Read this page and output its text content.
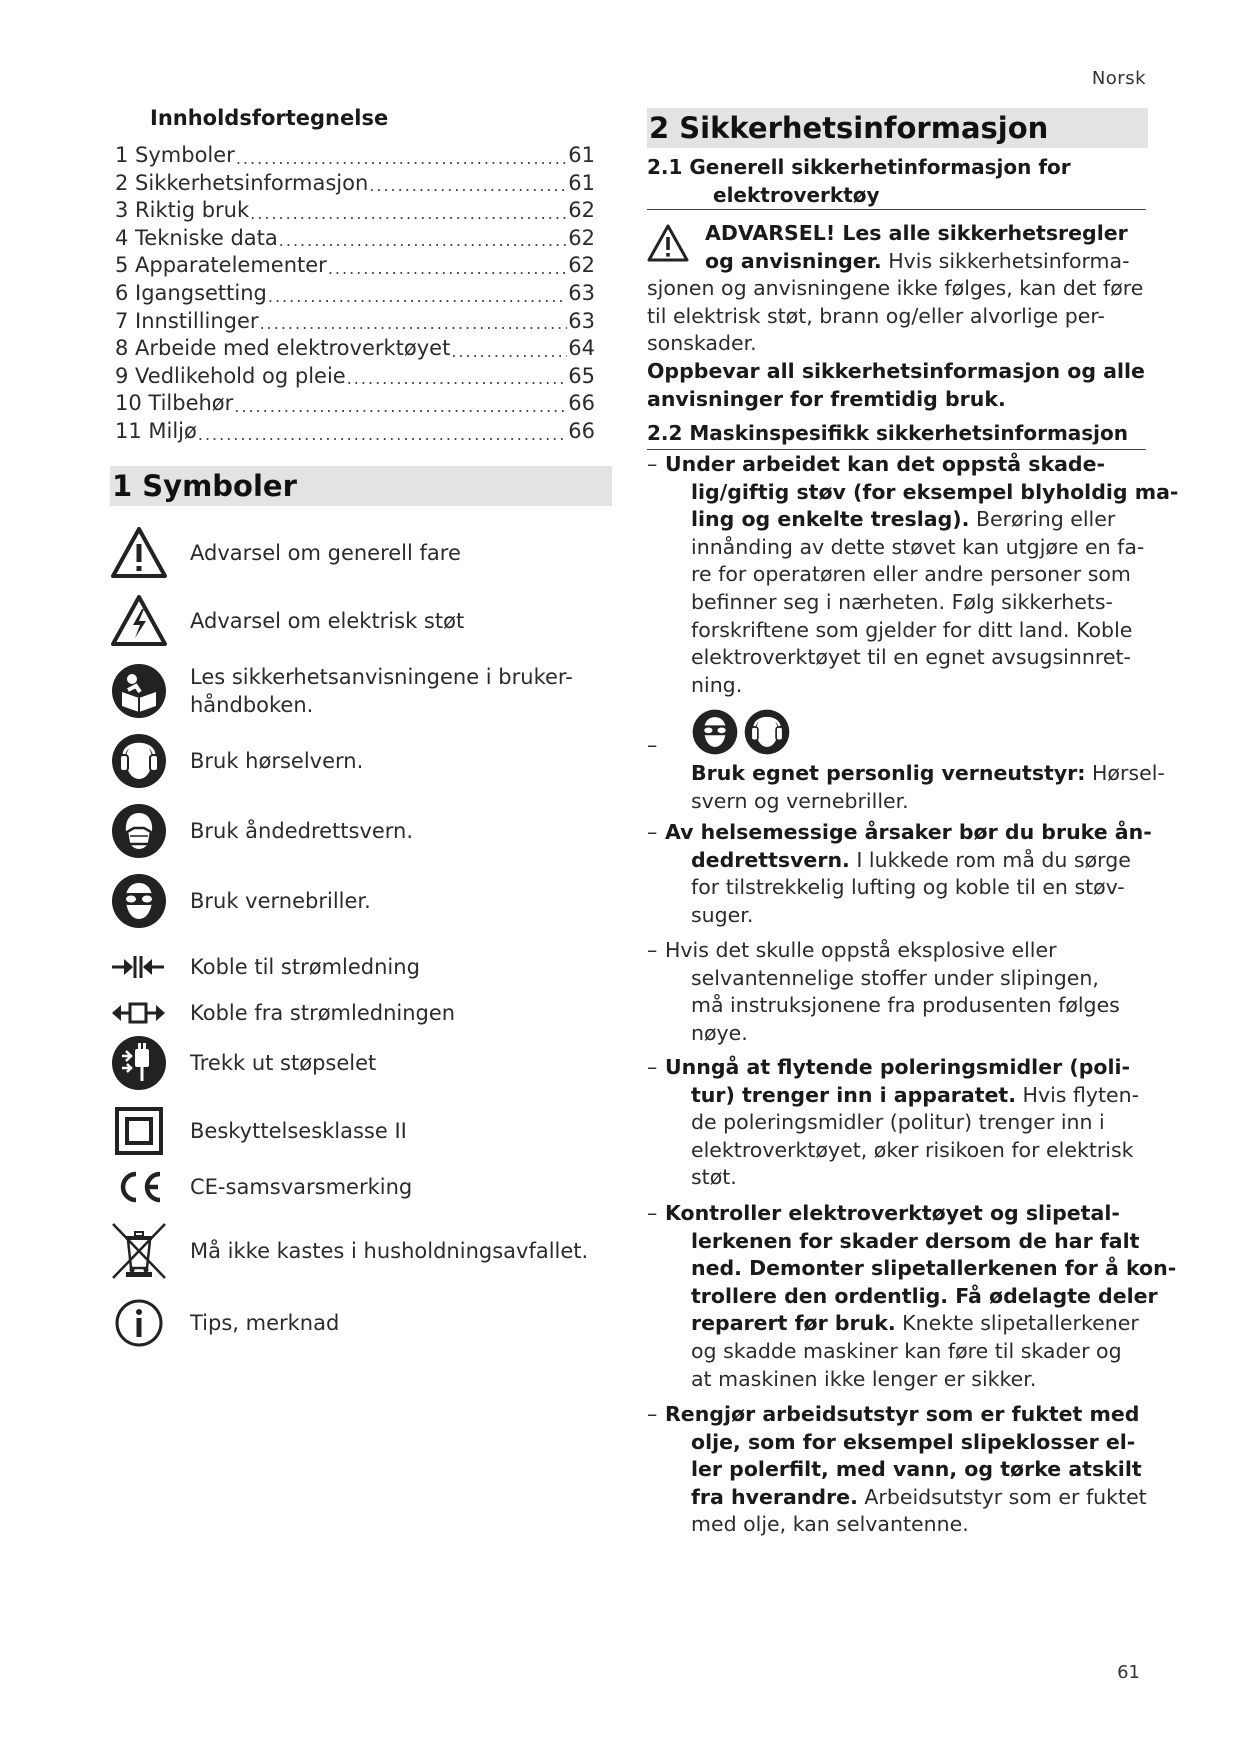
Norsk
Innholdsfortegnelse
1 Symboler .....	61
2 Sikkerhetsinformasjon .....	61
3 Riktig bruk .....	62
4 Tekniske data .....	62
5 Apparatelementer .....	62
6 Igangsetting .....	63
7 Innstillinger .....	63
8 Arbeide med elektroverktøyet .....	64
9 Vedlikehold og pleie .....	65
10 Tilbehør .....	66
11 Miljø .....	66
1 Symboler
Advarsel om generell fare
Advarsel om elektrisk støt
Les sikkerhetsanvisningene i bruker-
håndboken.
Bruk hørselvern.
Bruk åndedrettsvern.
Bruk vernebriller.
Koble til strømledning
Koble fra strømledningen
Trekk ut støpselet
Beskyttelsesklasse II
CE-samsvarsmerking
Må ikke kastes i husholdningsavfallet.
Tips, merknad
2 Sikkerhetsinformasjon
2.1 Generell sikkerhetinformasjon for
elektroverktøy
ADVARSEL! Les alle sikkerhetsregler
og anvisninger. Hvis sikkerhetsinforma-
sjonen og anvisningene ikke følges, kan det føre
til elektrisk støt, brann og/eller alvorlige per-
sonskader.
Oppbevar all sikkerhetsinformasjon og alle
anvisninger for fremtidig bruk.
2.2 Maskinspesifikk sikkerhetsinformasjon
– Under arbeidet kan det oppstå skade-
lig/giftig støv (for eksempel blyholdig ma-
ling og enkelte treslag). Berøring eller
innånding av dette støvet kan utgjøre en fa-
re for operatøren eller andre personer som
befinner seg i nærheten. Følg sikkerhets-
forskriftene som gjelder for ditt land. Koble
elektroverktøyet til en egnet avsugsinnret-
ning.
–
Bruk egnet personlig verneutstyr: Hørsel-
svern og vernebriller.
– Av helsemessige årsaker bør du bruke ån-
dedrettsvern. I lukkede rom må du sørge
for tilstrekkelig lufting og koble til en støv-
suger.
– Hvis det skulle oppstå eksplosive eller
selvantennelige stoffer under slipingen,
må instruksjonene fra produsenten følges
nøye.
– Unngå at flytende poleringsmidler (poli-
tur) trenger inn i apparatet. Hvis flyten-
de poleringsmidler (politur) trenger inn i
elektroverktøyet, øker risikoen for elektrisk
støt.
– Kontroller elektroverktøyet og slipetal-
lerkenen for skader dersom de har falt
ned. Demonter slipetallerkenen for å kon-
trollere den ordentlig. Få ødelagte deler
reparert før bruk. Knekte slipetallerkener
og skadde maskiner kan føre til skader og
at maskinen ikke lenger er sikker.
– Rengjør arbeidsutstyr som er fuktet med
olje, som for eksempel slipeklosser el-
ler polerfilt, med vann, og tørke atskilt
fra hverandre. Arbeidsutstyr som er fuktet
med olje, kan selvantenne.
61
